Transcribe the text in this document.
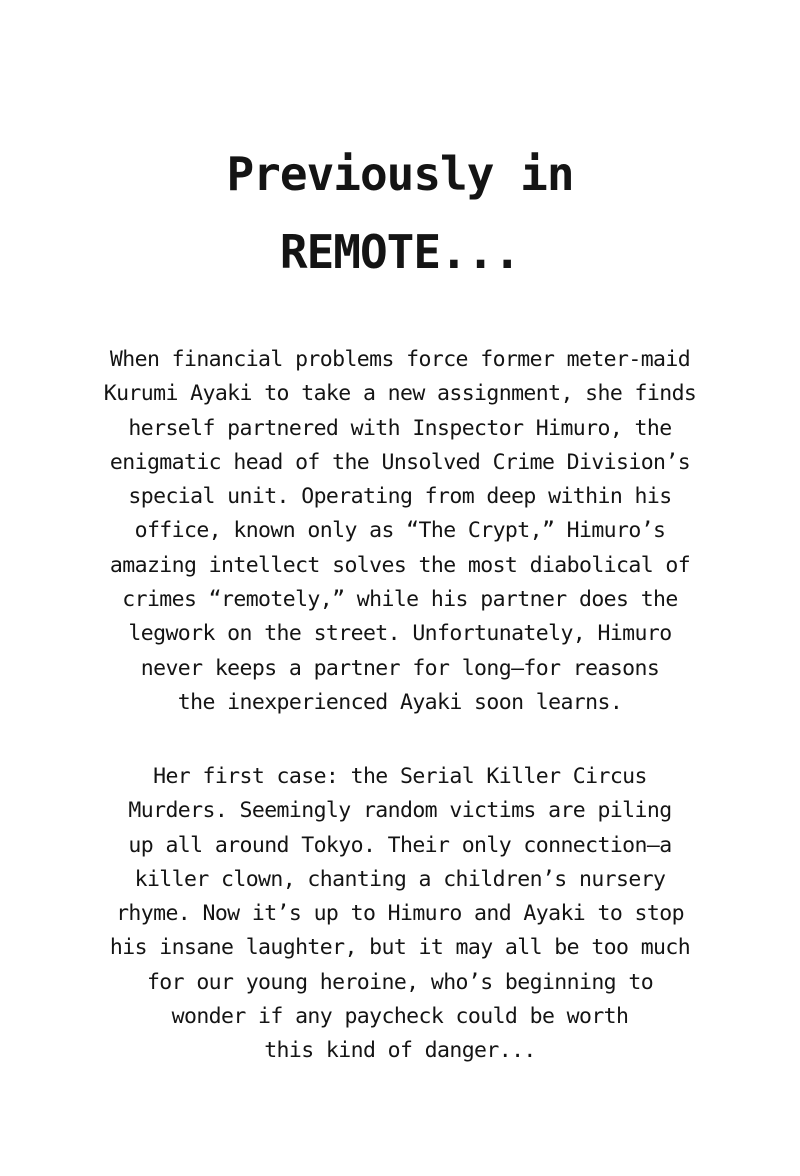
Previously in
REMOTE...
When financial problems force former meter-maid
Kurumi Ayaki to take a new assignment, she finds
herself partnered with Inspector Himuro, the
enigmatic head of the Unsolved Crime Division’s
special unit. Operating from deep within his
office, known only as “The Crypt,” Himuro’s
amazing intellect solves the most diabolical of
crimes “remotely,” while his partner does the
legwork on the street. Unfortunately, Himuro
never keeps a partner for long—for reasons
the inexperienced Ayaki soon learns.
Her first case: the Serial Killer Circus
Murders. Seemingly random victims are piling
up all around Tokyo. Their only connection—a
killer clown, chanting a children’s nursery
rhyme. Now it’s up to Himuro and Ayaki to stop
his insane laughter, but it may all be too much
for our young heroine, who’s beginning to
wonder if any paycheck could be worth
this kind of danger...
